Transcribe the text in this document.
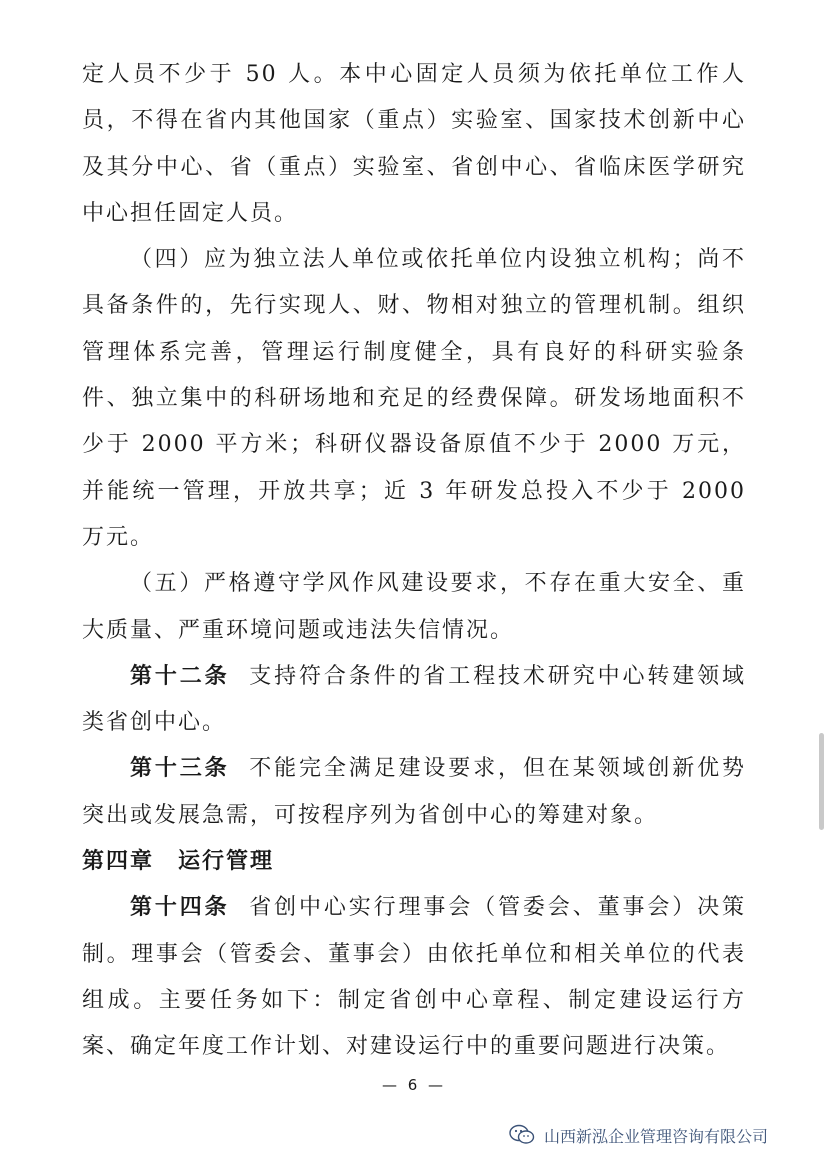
定人员不少于 50 人。本中心固定人员须为依托单位工作人员，不得在省内其他国家（重点）实验室、国家技术创新中心及其分中心、省（重点）实验室、省创中心、省临床医学研究中心担任固定人员。

（四）应为独立法人单位或依托单位内设独立机构；尚不具备条件的，先行实现人、财、物相对独立的管理机制。组织管理体系完善，管理运行制度健全，具有良好的科研实验条件、独立集中的科研场地和充足的经费保障。研发场地面积不少于 2000 平方米；科研仪器设备原值不少于 2000 万元，并能统一管理，开放共享；近 3 年研发总投入不少于 2000 万元。

（五）严格遵守学风作风建设要求，不存在重大安全、重大质量、严重环境问题或违法失信情况。

第十二条 支持符合条件的省工程技术研究中心转建领域类省创中心。

第十三条 不能完全满足建设要求，但在某领域创新优势突出或发展急需，可按程序列为省创中心的筹建对象。

第四章 运行管理

第十四条 省创中心实行理事会（管委会、董事会）决策制。理事会（管委会、董事会）由依托单位和相关单位的代表组成。主要任务如下：制定省创中心章程、制定建设运行方案、确定年度工作计划、对建设运行中的重要问题进行决策。

— 6 —
山西新泓企业管理咨询有限公司
